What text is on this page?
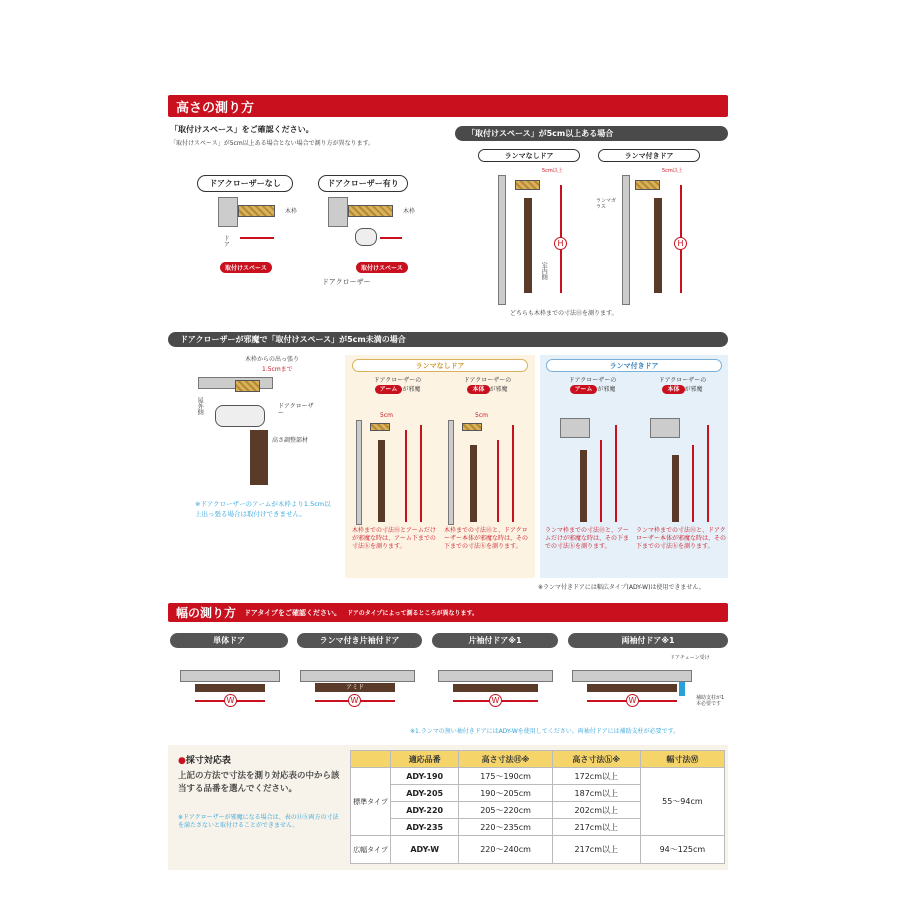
高さの測り方
「取付けスペース」をご確認ください。
「取付けスペース」が5cm以上ある場合とない場合で測り方が異なります。
ドアクローザーなし
木枠
ドア
取付けスペース
ドアクローザー有り
木枠
取付けスペース
ドアクローザー
「取付けスペース」が5cm以上ある場合
ランマなしドア	ランマ付きドア
5cm以上
室内側
H
ランマガラス
5cm以上
H
どちらも木枠までの寸法Ⓗを測ります。
ドアクローザーが邪魔で「取付けスペース」が5cm未満の場合
木枠からの出っ張り
1.5cmまで
屋外側	ドアクローザー
高さ調整部材
※ドアクローザーのアームが木枠より1.5cm以上出っ張る場合は取付けできません。
ランマなしドア	ランマ付きドア
ドアクローザーの
アーム が邪魔
ドアクローザーの
本体 が邪魔
ドアクローザーの
アーム が邪魔
ドアクローザーの
本体 が邪魔
5cm	5cm
木枠までの寸法Ⓗとアームだけが邪魔な時は、アーム下までの寸法ⓗを測ります。
木枠までの寸法Ⓗと、ドアクローザー本体が邪魔な時は、その下までの寸法ⓗを測ります。
ランマ枠までの寸法Ⓗと、アームだけが邪魔な時は、その下までの寸法ⓗを測ります。
ランマ枠までの寸法Ⓗと、ドアクローザー本体が邪魔な時は、その下までの寸法ⓗを測ります。
※ランマ付きドアには幅広タイプ(ADY-W)は使用できません。
幅の測り方 ドアタイプをご確認ください。 ドアのタイプによって測るところが異なります。
単体ドア	ランマ付き片袖付ドア	片袖付ドア※1	両袖付ドア※1
W
アミド
W	W
ドアチェーン受け
W	補助支柱が1本必要です
※1.ランマの無い袖付きドアにはADY-Wを使用してください。両袖付ドアには補助支柱が必要です。
●採寸対応表
上記の方法で寸法を測り対応表の中から該当する品番を選んでください。
※ドアクローザーが邪魔になる場合は、表のⒽⓗ両方の寸法を満たさないと取付けることができません。
	適応品番	高さ寸法Ⓗ※	高さ寸法ⓗ※	幅寸法Ⓦ
標準タイプ	ADY-190	175～190cm	172cm以上	55～94cm
	ADY-205	190～205cm	187cm以上	
	ADY-220	205～220cm	202cm以上	
	ADY-235	220～235cm	217cm以上	
広幅タイプ	ADY-W	220～240cm	217cm以上	94～125cm
